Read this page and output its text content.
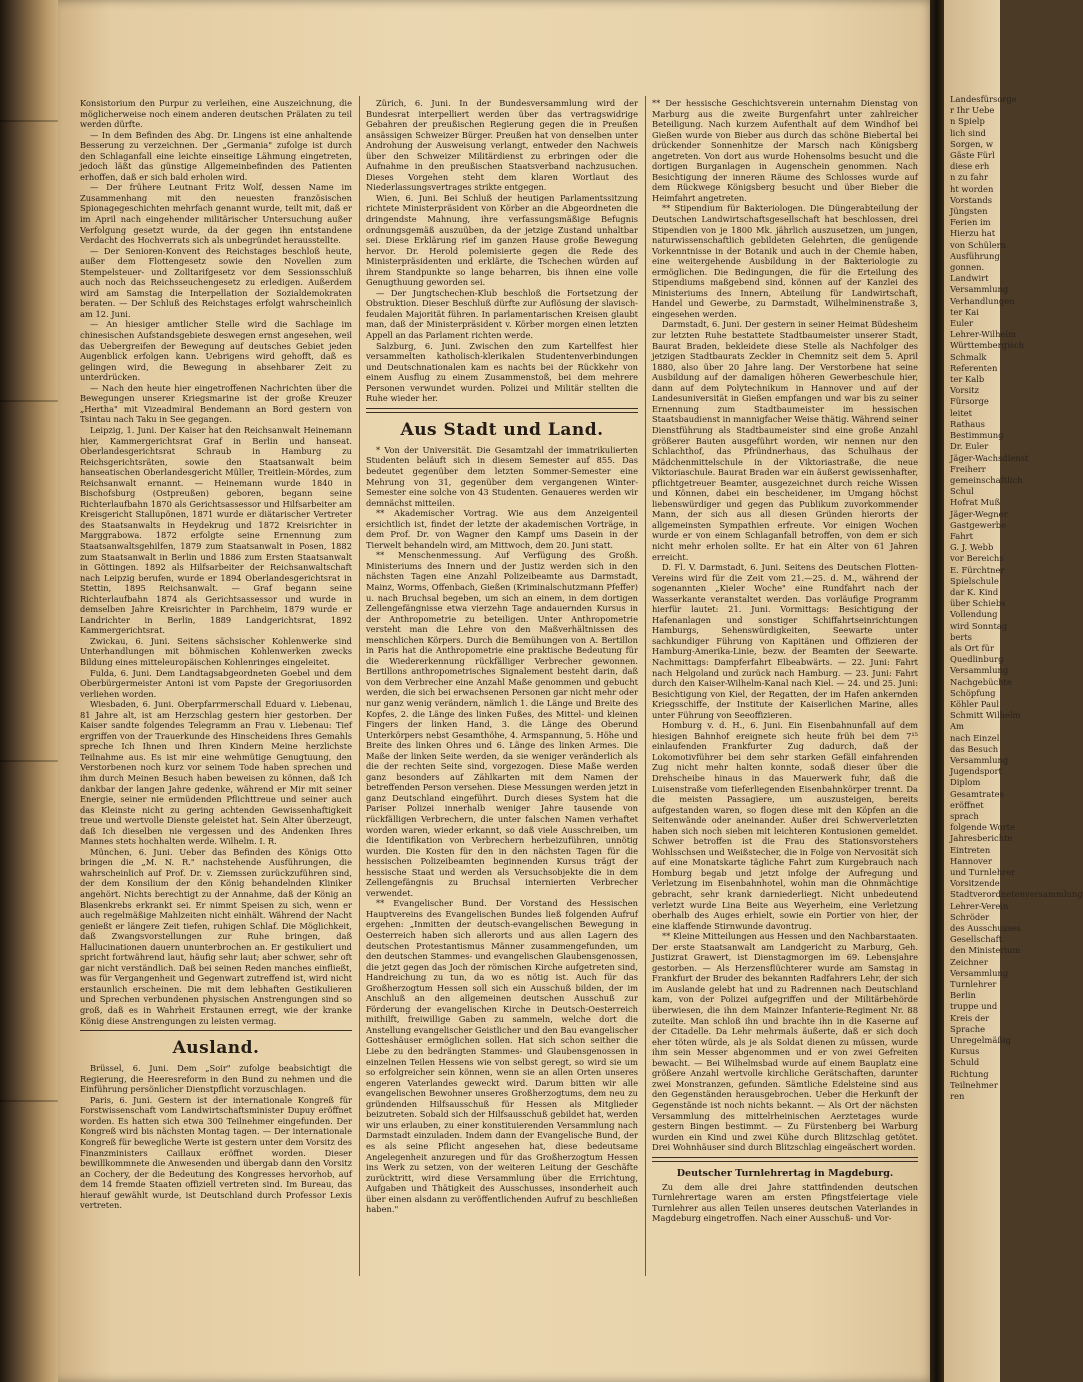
Landesfürsorge
r Ihr Uebe
n Spielp
lich sind
Sorgen, w
Gäste Fürl
diese erh
n zu fahr
ht worden
Vorstands
Jüngsten
Ferien im
Hierzu hat
von Schülern
Ausführung
gonnen.
Landwirt
Versammlung
Verhandlungen
ter Kai
Euler
Lehrer-Wilhelm
Württembergisch
Schmalk
Referenten
ter Kalb
Vorsitz
Fürsorge
leitet
Rathaus
Bestimmung
Dr. Euler
Jäger-Wachsdienst
Freiherr
gemeinschaftlich
Schul
Hofrat Muß
Jäger-Wegner
Gastgewerbe
Fahrt
G. J. Webb
vor Bereichs
E. Fürchtner
Spielschule
dar K. Kind
über Schiebs
Vollendung
wird Sonntag
berts
als Ort für
Quedlinburg
Versammlung
Nachgebüchte
Schöpfung
Köhler Paul
Schmitt Wilhelm
Am
nach Einzel
das Besuch
Versammlung
Jugendsport
Diplom
Gesamtrates
eröffnet
sprach
folgende Worte
Jahresberichte
Eintreten
Hannover
und Turnlehrer
Vorsitzende
Stadtverordnetenversammlung
Lehrer-Verein
Schröder
des Ausschusses
Gesellschaft
den Ministerium
Zeichner
Versammlung
Turnlehrer
Berlin
truppe und
Kreis der
Sprache
Unregelmäßig
Kursus
Schuld
Richtung
Teilnehmer
ren

Konsistorium den Purpur zu verleihen, eine Auszeichnung, die möglicherweise noch einem anderen deutschen Prälaten zu teil werden dürfte.

— In dem Befinden des Abg. Dr. Lingens ist eine anhaltende Besserung zu verzeichnen. Der „Germania" zufolge ist durch den Schlaganfall eine leichte einseitige Lähmung eingetreten, jedoch läßt das günstige Allgemeinbefinden des Patienten erhoffen, daß er sich bald erholen wird.

— Der frühere Leutnant Fritz Wolf, dessen Name im Zusammenhang mit den neuesten französischen Spionagegeschichten mehrfach genannt wurde, teilt mit, daß er im April nach eingehender militärischer Untersuchung außer Verfolgung gesetzt wurde, da der gegen ihn entstandene Verdacht des Hochverrats sich als unbegründet herausstellte.

— Der Senioren-Konvent des Reichstages beschloß heute, außer dem Flottengesetz sowie den Novellen zum Stempelsteuer- und Zolltarifgesetz vor dem Sessionsschluß auch noch das Reichsseuchengesetz zu erledigen. Außerdem wird am Samstag die Interpellation der Sozialdemokraten beraten. — Der Schluß des Reichstages erfolgt wahrscheinlich am 12. Juni.

— An hiesiger amtlicher Stelle wird die Sachlage im chinesischen Aufstandsgebiete deswegen ernst angesehen, weil das Uebergreifen der Bewegung auf deutsches Gebiet jeden Augenblick erfolgen kann. Uebrigens wird gehofft, daß es gelingen wird, die Bewegung in absehbarer Zeit zu unterdrücken.

— Nach den heute hier eingetroffenen Nachrichten über die Bewegungen unserer Kriegsmarine ist der große Kreuzer „Hertha" mit Vizeadmiral Bendemann an Bord gestern von Tsintau nach Taku in See gegangen.

Leipzig, 1. Juni. Der Kaiser hat den Reichsanwalt Heinemann hier, Kammergerichtsrat Graf in Berlin und hanseat. Oberlandesgerichtsrat Schraub in Hamburg zu Reichsgerichtsräten, sowie den Staatsanwalt beim hanseatischen Oberlandesgericht Müller, Treitlein-Mördes, zum Reichsanwalt ernannt. — Heinemann wurde 1840 in Bischofsburg (Ostpreußen) geboren, begann seine Richterlaufbahn 1870 als Gerichtsassessor und Hilfsarbeiter am Kreisgericht Stallupönen, 1871 wurde er diätarischer Vertreter des Staatsanwalts in Heydekrug und 1872 Kreisrichter in Marggrabowa. 1872 erfolgte seine Ernennung zum Staatsanwaltsgehilfen, 1879 zum Staatsanwalt in Posen, 1882 zum Staatsanwalt in Berlin und 1886 zum Ersten Staatsanwalt in Göttingen. 1892 als Hilfsarbeiter der Reichsanwaltschaft nach Leipzig berufen, wurde er 1894 Oberlandesgerichtsrat in Stettin, 1895 Reichsanwalt. — Graf begann seine Richterlaufbahn 1874 als Gerichtsassessor und wurde in demselben Jahre Kreisrichter in Parchheim, 1879 wurde er Landrichter in Berlin, 1889 Landgerichtsrat, 1892 Kammergerichtsrat.

Zwickau, 6. Juni. Seitens sächsischer Kohlenwerke sind Unterhandlungen mit böhmischen Kohlenwerken zwecks Bildung eines mitteleuropäischen Kohlenringes eingeleitet.

Fulda, 6. Juni. Dem Landtagsabgeordneten Goebel und dem Oberbürgermeister Antoni ist vom Papste der Gregoriusorden verliehen worden.

Wiesbaden, 6. Juni. Oberpfarrmerschall Eduard v. Liebenau, 81 Jahre alt, ist am Herzschlag gestern hier gestorben. Der Kaiser sandte folgendes Telegramm an Frau v. Liebenau: Tief ergriffen von der Trauerkunde des Hinscheidens Ihres Gemahls spreche Ich Ihnen und Ihren Kindern Meine herzlichste Teilnahme aus. Es ist mir eine wehmütige Genugtuung, den Verstorbenen noch kurz vor seinem Tode haben sprechen und ihm durch Meinen Besuch haben beweisen zu können, daß Ich dankbar der langen Jahre gedenke, während er Mir mit seiner Energie, seiner nie ermüdenden Pflichttreue und seiner auch das Kleinste nicht zu gering achtenden Gewissenhaftigkeit treue und wertvolle Dienste geleistet hat. Sein Alter überzeugt, daß Ich dieselben nie vergessen und des Andenken Ihres Mannes stets hochhalten werde. Wilhelm. I. R.

München, 6. Juni. Ueber das Befinden des Königs Otto bringen die „M. N. R." nachstehende Ausführungen, die wahrscheinlich auf Prof. Dr. v. Ziemssen zurückzuführen sind, der dem Konsilium der den König behandelnden Kliniker angehört. Nichts berechtigt zu der Annahme, daß der König an Blasenkrebs erkrankt sei. Er nimmt Speisen zu sich, wenn er auch regelmäßige Mahlzeiten nicht einhält. Während der Nacht genießt er längere Zeit tiefen, ruhigen Schlaf. Die Möglichkeit, daß Zwangsvorstellungen zur Ruhe bringen, daß Hallucinationen dauern ununterbrochen an. Er gestikuliert und spricht fortwährend laut, häufig sehr laut; aber schwer, sehr oft gar nicht verständlich. Daß bei seinen Reden manches einfließt, was für Vergangenheit und Gegenwart zutreffend ist, wird nicht erstaunlich erscheinen. Die mit dem lebhaften Gestikulieren und Sprechen verbundenen physischen Anstrengungen sind so groß, daß es in Wahrheit Erstaunen erregt, wie der kranke König diese Anstrengungen zu leisten vermag.

Ausland.

Brüssel, 6. Juni. Dem „Soir" zufolge beabsichtigt die Regierung, die Heeresreform in den Bund zu nehmen und die Einführung persönlicher Dienstpflicht vorzuschlagen.

Paris, 6. Juni. Gestern ist der internationale Kongreß für Forstwissenschaft vom Landwirtschaftsminister Dupuy eröffnet worden. Es hatten sich etwa 300 Teilnehmer eingefunden. Der Kongreß wird bis nächsten Montag tagen. — Der internationale Kongreß für bewegliche Werte ist gestern unter dem Vorsitz des Finanzministers Caillaux eröffnet worden. Dieser bewillkommnete die Anwesenden und übergab dann den Vorsitz an Cochery, der die Bedeutung des Kongresses hervorhob, auf dem 14 fremde Staaten offiziell vertreten sind. Im Bureau, das hierauf gewählt wurde, ist Deutschland durch Professor Lexis vertreten.

Zürich, 6. Juni. In der Bundesversammlung wird der Bundesrat interpelliert werden über das vertragswidrige Gebahren der preußischen Regierung gegen die in Preußen ansässigen Schweizer Bürger. Preußen hat von denselben unter Androhung der Ausweisung verlangt, entweder den Nachweis über den Schweizer Militärdienst zu erbringen oder die Aufnahme in den preußischen Staatsverband nachzusuchen. Dieses Vorgehen steht dem klaren Wortlaut des Niederlassungsvertrages strikte entgegen.

Wien, 6. Juni. Bei Schluß der heutigen Parlamentssitzung richtete Ministerpräsident von Körber an die Abgeordneten die dringendste Mahnung, ihre verfassungsmäßige Befugnis ordnungsgemäß auszuüben, da der jetzige Zustand unhaltbar sei. Diese Erklärung rief im ganzen Hause große Bewegung hervor. Dr. Herold polemisierte gegen die Rede des Ministerpräsidenten und erklärte, die Tschechen würden auf ihrem Standpunkte so lange beharren, bis ihnen eine volle Genugthuung geworden sei.

— Der Jungtschechen-Klub beschloß die Fortsetzung der Obstruktion. Dieser Beschluß dürfte zur Auflösung der slavisch-feudalen Majorität führen. In parlamentarischen Kreisen glaubt man, daß der Ministerpräsident v. Körber morgen einen letzten Appell an das Parlament richten werde.

Salzburg, 6. Juni. Zwischen den zum Kartellfest hier versammelten katholisch-klerikalen Studentenverbindungen und Deutschnationalen kam es nachts bei der Rückkehr von einem Ausflug zu einem Zusammenstoß, bei dem mehrere Personen verwundet wurden. Polizei und Militär stellten die Ruhe wieder her.

Aus Stadt und Land.

* Von der Universität. Die Gesamtzahl der immatrikulierten Studenten beläuft sich in diesem Semester auf 855. Das bedeutet gegenüber dem letzten Sommer-Semester eine Mehrung von 31, gegenüber dem vergangenen Winter-Semester eine solche von 43 Studenten. Genaueres werden wir demnächst mitteilen.

** Akademischer Vortrag. Wie aus dem Anzeigenteil ersichtlich ist, findet der letzte der akademischen Vorträge, in dem Prof. Dr. von Wagner den Kampf ums Dasein in der Tierwelt behandeln wird, am Mittwoch, dem 20. Juni statt.

** Menschenmessung. Auf Verfügung des Großh. Ministeriums des Innern und der Justiz werden sich in den nächsten Tagen eine Anzahl Polizeibeamte aus Darmstadt, Mainz, Worms, Offenbach, Gießen (Kriminalschutzmann Pfeffer) u. nach Bruchsal begeben, um sich an einem, in dem dortigen Zellengefängnisse etwa vierzehn Tage andauernden Kursus in der Anthropometrie zu beteiligen. Unter Anthropometrie versteht man die Lehre von den Maßverhältnissen des menschlichen Körpers. Durch die Bemühungen von A. Bertillon in Paris hat die Anthropometrie eine praktische Bedeutung für die Wiedererkennung rückfälliger Verbrecher gewonnen. Bertillons anthropometrisches Signalement besteht darin, daß von dem Verbrecher eine Anzahl Maße genommen und gebucht werden, die sich bei erwachsenen Personen gar nicht mehr oder nur ganz wenig verändern, nämlich 1. die Länge und Breite des Kopfes, 2. die Länge des linken Fußes, des Mittel- und kleinen Fingers der linken Hand, 3. die Länge des Oberund Unterkörpers nebst Gesamthöhe, 4. Armspannung, 5. Höhe und Breite des linken Ohres und 6. Länge des linken Armes. Die Maße der linken Seite werden, da sie weniger veränderlich als die der rechten Seite sind, vorgezogen. Diese Maße werden ganz besonders auf Zählkarten mit dem Namen der betreffenden Person versehen. Diese Messungen werden jetzt in ganz Deutschland eingeführt. Durch dieses System hat die Pariser Polizei innerhalb weniger Jahre tausende von rückfälligen Verbrechern, die unter falschen Namen verhaftet worden waren, wieder erkannt, so daß viele Ausschreiben, um die Identifikation von Verbrechern herbeizuführen, unnötig wurden. Die Kosten für den in den nächsten Tagen für die hessischen Polizeibeamten beginnenden Kursus trägt der hessische Staat und werden als Versuchsobjekte die in dem Zellengefängnis zu Bruchsal internierten Verbrecher verwendet.

** Evangelischer Bund. Der Vorstand des Hessischen Hauptvereins des Evangelischen Bundes ließ folgenden Aufruf ergehen: „Inmitten der deutsch-evangelischen Bewegung in Oesterreich haben sich allerorts und aus allen Lagern des deutschen Protestantismus Männer zusammengefunden, um den deutschen Stammes- und evangelischen Glaubensgenossen, die jetzt gegen das Joch der römischen Kirche aufgetreten sind, Handreichung zu tun, da wo es nötig ist. Auch für das Großherzogtum Hessen soll sich ein Ausschuß bilden, der im Anschluß an den allgemeinen deutschen Ausschuß zur Förderung der evangelischen Kirche in Deutsch-Oesterreich mithilft, freiwillige Gaben zu sammeln, welche dort die Anstellung evangelischer Geistlicher und den Bau evangelischer Gotteshäuser ermöglichen sollen. Hat sich schon seither die Liebe zu den bedrängten Stammes- und Glaubensgenossen in einzelnen Teilen Hessens wie von selbst geregt, so wird sie um so erfolgreicher sein können, wenn sie an allen Orten unseres engeren Vaterlandes geweckt wird. Darum bitten wir alle evangelischen Bewohner unseres Großherzogtums, dem neu zu gründenden Hilfsausschuß für Hessen als Mitglieder beizutreten. Sobald sich der Hilfsausschuß gebildet hat, werden wir uns erlauben, zu einer konstituierenden Versammlung nach Darmstadt einzuladen. Indem dann der Evangelische Bund, der es als seine Pflicht angesehen hat, diese bedeutsame Angelegenheit anzuregen und für das Großherzogtum Hessen ins Werk zu setzen, von der weiteren Leitung der Geschäfte zurücktritt, wird diese Versammlung über die Errichtung, Aufgaben und Thätigkeit des Ausschusses, insonderheit auch über einen alsdann zu veröffentlichenden Aufruf zu beschließen haben."

** Der hessische Geschichtsverein unternahm Dienstag von Marburg aus die zweite Burgenfahrt unter zahlreicher Beteiligung. Nach kurzem Aufenthalt auf dem Windhof bei Gießen wurde von Bieber aus durch das schöne Biebertal bei drückender Sonnenhitze der Marsch nach Königsberg angetreten. Von dort aus wurde Hohensolms besucht und die dortigen Burganlagen in Augenschein genommen. Nach Besichtigung der inneren Räume des Schlosses wurde auf dem Rückwege Königsberg besucht und über Bieber die Heimfahrt angetreten.

** Stipendium für Bakteriologen. Die Düngerabteilung der Deutschen Landwirtschaftsgesellschaft hat beschlossen, drei Stipendien von je 1800 Mk. jährlich auszusetzen, um jungen, naturwissenschaftlich gebildeten Gelehrten, die genügende Vorkenntnisse in der Botanik und auch in der Chemie haben, eine weitergehende Ausbildung in der Bakteriologie zu ermöglichen. Die Bedingungen, die für die Erteilung des Stipendiums maßgebend sind, können auf der Kanzlei des Ministeriums des Innern, Abteilung für Landwirtschaft, Handel und Gewerbe, zu Darmstadt, Wilhelminenstraße 3, eingesehen werden.

Darmstadt, 6. Juni. Der gestern in seiner Heimat Büdesheim zur letzten Ruhe bestattete Stadtbaumeister unserer Stadt, Baurat Braden, bekleidete diese Stelle als Nachfolger des jetzigen Stadtbaurats Zeckler in Chemnitz seit dem 5. April 1880, also über 20 Jahre lang. Der Verstorbene hat seine Ausbildung auf der damaligen höheren Gewerbeschule hier, dann auf dem Polytechnikum in Hannover und auf der Landesuniversität in Gießen empfangen und war bis zu seiner Ernennung zum Stadtbaumeister im hessischen Staatsbaudienst in mannigfacher Weise thätig. Während seiner Dienstführung als Stadtbaumeister sind eine große Anzahl größerer Bauten ausgeführt worden, wir nennen nur den Schlachthof, das Pfründnerhaus, das Schulhaus der Mädchenmittelschule in der Viktoriastraße, die neue Viktoriaschule. Baurat Braden war ein äußerst gewissenhafter, pflichtgetreuer Beamter, ausgezeichnet durch reiche Wissen und Können, dabei ein bescheidener, im Umgang höchst liebenswürdiger und gegen das Publikum zuvorkommender Mann, der sich aus all diesen Gründen hierorts der allgemeinsten Sympathien erfreute. Vor einigen Wochen wurde er von einem Schlaganfall betroffen, von dem er sich nicht mehr erholen sollte. Er hat ein Alter von 61 Jahren erreicht.

D. Fl. V. Darmstadt, 6. Juni. Seitens des Deutschen Flotten-Vereins wird für die Zeit vom 21.—25. d. M., während der sogenannten „Kieler Woche" eine Rundfahrt nach der Wasserkante veranstaltet werden. Das vorläufige Programm hierfür lautet: 21. Juni. Vormittags: Besichtigung der Hafenanlagen und sonstiger Schiffahrtseinrichtungen Hamburgs, Sehenswürdigkeiten, Seewarte unter sachkundiger Führung von Kapitänen und Offizieren der Hamburg-Amerika-Linie, bezw. der Beamten der Seewarte. Nachmittags: Dampferfahrt Elbeabwärts. — 22. Juni: Fahrt nach Helgoland und zurück nach Hamburg. — 23. Juni: Fahrt durch den Kaiser-Wilhelm-Kanal nach Kiel. — 24. und 25. Juni: Besichtigung von Kiel, der Regatten, der im Hafen ankernden Kriegsschiffe, der Institute der Kaiserlichen Marine, alles unter Führung von Seeoffizieren.

Homburg v. d. H., 6. Juni. Ein Eisenbahnunfall auf dem hiesigen Bahnhof ereignete sich heute früh bei dem 7¹⁵ einlaufenden Frankfurter Zug dadurch, daß der Lokomotivführer bei dem sehr starken Gefäll einfahrenden Zug nicht mehr halten konnte, sodaß dieser über die Drehscheibe hinaus in das Mauerwerk fuhr, daß die Luisenstraße vom tieferliegenden Eisenbahnkörper trennt. Da die meisten Passagiere, um auszusteigen, bereits aufgestanden waren, so flogen diese mit den Köpfen an die Seitenwände oder aneinander. Außer drei Schwerverletzten haben sich noch sieben mit leichteren Kontusionen gemeldet. Schwer betroffen ist die Frau des Stationsvorstehers Wohlsschsen und Weißstecher, die in Folge von Nervosität sich auf eine Monatskarte tägliche Fahrt zum Kurgebrauch nach Homburg begab und jetzt infolge der Aufregung und Verletzung im Eisenbahnhotel, wohin man die Ohnmächtige gebracht, sehr krank darniederliegt. Nicht unbedeutend verletzt wurde Lina Beite aus Weyerheim, eine Verletzung oberhalb des Auges erhielt, sowie ein Portier von hier, der eine klaffende Stirnwunde davontrug.

** Kleine Mitteilungen aus Hessen und den Nachbarstaaten. Der erste Staatsanwalt am Landgericht zu Marburg, Geh. Justizrat Grawert, ist Dienstagmorgen im 69. Lebensjahre gestorben. — Als Herzensflüchterer wurde am Samstag in Frankfurt der Bruder des bekannten Radfahrers Lehr, der sich im Auslande gelebt hat und zu Radrennen nach Deutschland kam, von der Polizei aufgegriffen und der Militärbehörde überwiesen, die ihn dem Mainzer Infanterie-Regiment Nr. 88 zuteilte. Man schloß ihn und brachte ihn in die Kaserne auf der Citadelle. Da Lehr mehrmals äußerte, daß er sich doch eher töten würde, als je als Soldat dienen zu müssen, wurde ihm sein Messer abgenommen und er von zwei Gefreiten bewacht. — Bei Wilhelmsbad wurde auf einem Bauplatz eine größere Anzahl wertvolle kirchliche Gerätschaften, darunter zwei Monstranzen, gefunden. Sämtliche Edelsteine sind aus den Gegenständen herausgebrochen. Ueber die Herkunft der Gegenstände ist noch nichts bekannt. — Als Ort der nächsten Versammlung des mittelrheinischen Aerztetages wurde gestern Bingen bestimmt. — Zu Fürstenberg bei Warburg wurden ein Kind und zwei Kühe durch Blitzschlag getötet. Drei Wohnhäuser sind durch Blitzschlag eingeäschert worden.

Deutscher Turnlehrertag in Magdeburg.

Zu dem alle drei Jahre stattfindenden deutschen Turnlehrertage waren am ersten Pfingstfeiertage viele Turnlehrer aus allen Teilen unseres deutschen Vaterlandes in Magdeburg eingetroffen. Nach einer Ausschuß- und Vor-
